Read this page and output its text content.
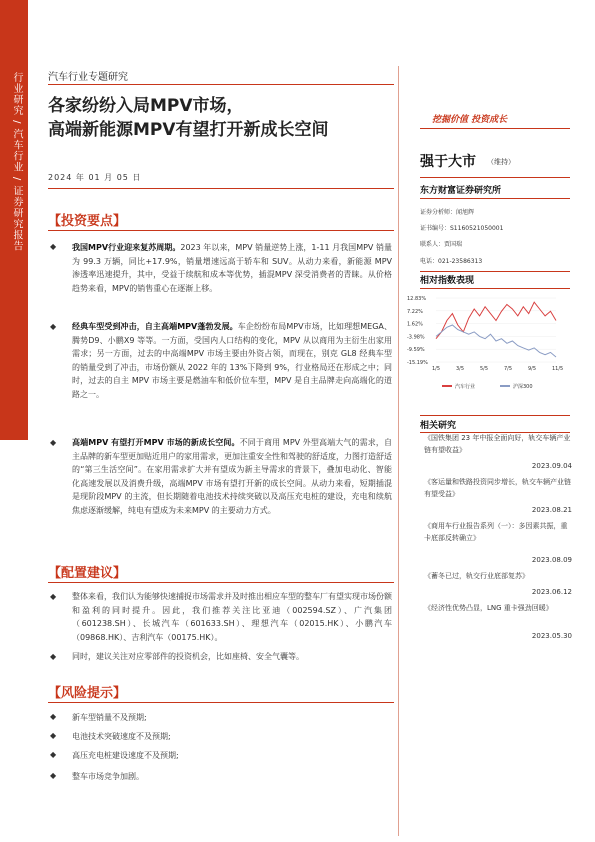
行业研究 / 汽车行业 / 证券研究报告	汽车行业专题研究
各家纷纷入局MPV市场，
高端新能源MPV有望打开新成长空间
2024 年 01 月 05 日
【投资要点】
◆	我国MPV行业迎来复苏周期。2023 年以来，MPV 销量逆势上涨，1-11 月我国MPV 销量为 99.3 万辆，同比+17.9%，销量增速远高于轿车和 SUV。从动力来看，新能源 MPV 渗透率迅速提升，其中，受益于续航和成本等优势，插混MPV 深受消费者的青睐。从价格趋势来看，MPV的销售重心在逐渐上移。
◆	经典车型受到冲击，自主高端MPV蓬勃发展。车企纷纷布局MPV市场，比如理想MEGA、腾势D9、小鹏X9 等等。一方面，受国内人口结构的变化，MPV 从以商用为主衍生出家用需求；另一方面，过去的中高端MPV 市场主要由外资占领，而现在，别克 GL8 经典车型的销量受到了冲击，市场份额从 2022 年的 13%下降到 9%，行业格局还在形成之中；同时，过去的自主 MPV 市场主要是燃油车和低价位车型，MPV 是自主品牌走向高端化的道路之一。
◆	高端MPV 有望打开MPV 市场的新成长空间。不同于商用 MPV 外型高端大气的需求，自主品牌的新车型更加贴近用户的家用需求，更加注重安全性和驾驶的舒适度，力图打造舒适的“第三生活空间”。在家用需求扩大并有望成为新主导需求的背景下，叠加电动化、智能化高速发展以及消费升级，高端MPV 市场有望打开新的成长空间。从动力来看，短期插混是现阶段MPV 的主流，但长期随着电池技术持续突破以及高压充电桩的建设，充电和续航焦虑逐渐缓解，纯电有望成为未来MPV 的主要动力方式。
【配置建议】
◆	整体来看，我们认为能够快速捕捉市场需求并及时推出相应车型的整车厂有望实现市场份额和盈利的同时提升。因此，我们推荐关注比亚迪（002594.SZ）、广汽集团（601238.SH）、长城汽车（601633.SH）、理想汽车（02015.HK）、小鹏汽车（09868.HK）、吉利汽车（00175.HK）。
◆	同时，建议关注对应零部件的投资机会，比如座椅、安全气囊等。
【风险提示】
◆	新车型销量不及预期;
◆	电池技术突破速度不及预期;
◆	高压充电桩建设速度不及预期;
◆	整车市场竞争加剧。
挖掘价值 投资成长
强于大市 （维持）
东方财富证券研究所
证券分析师：闻旭辉
证书编号：S1160521050001
联系人：贾国瑞
电话：021-23586313
相对指数表现
12.83%
7.22%
1.62%
-3.98%
-9.59%
-15.19%
1/5	3/5	5/5	7/5	9/5	11/5
汽车行业	沪深300
相关研究
《国铁集团 23 年中报全面向好，轨交车辆产业链有望收益》
2023.09.04
《客运量和铁路投资同步增长，轨交车辆产业链有望受益》
2023.08.21
《商用车行业报告系列（一）：多因素共振，重卡底部反转确立》
2023.08.09
《蓄冬已过，轨交行业底部复苏》
2023.06.12
《经济性优势凸显，LNG 重卡强劲回暖》
2023.05.30
